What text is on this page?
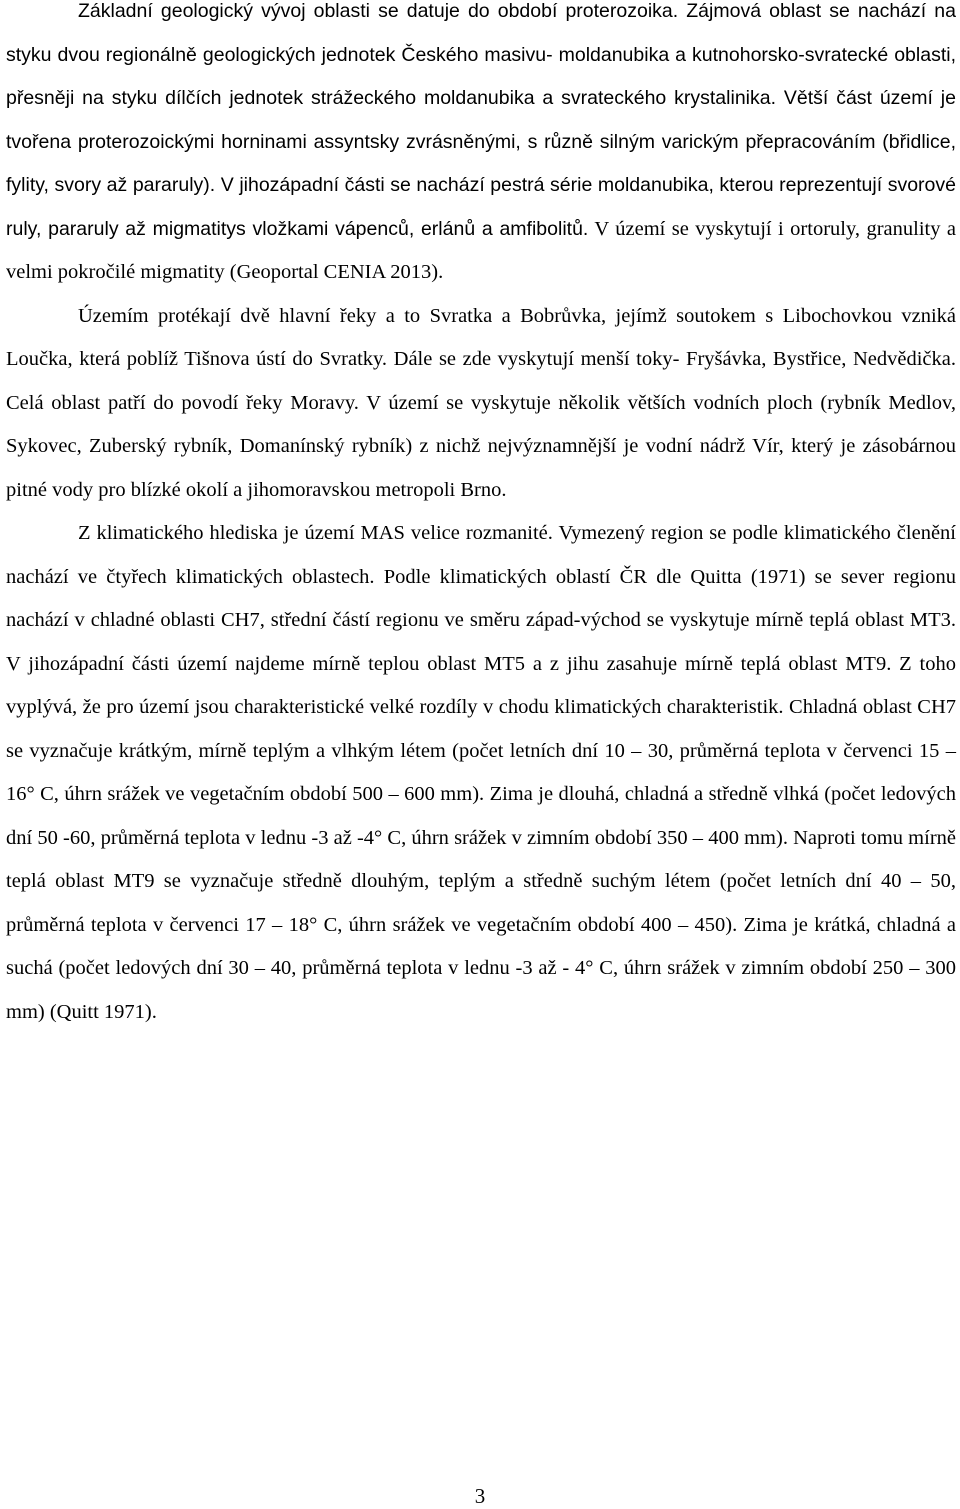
Základní geologický vývoj oblasti se datuje do období proterozoika. Zájmová oblast se nachází na styku dvou regionálně geologických jednotek Českého masivu- moldanubika a kutnohorsko-svratecké oblasti, přesněji na styku dílčích jednotek strážeckého moldanubika a svrateckého krystalinika. Větší část území je tvořena proterozoickými horninami assyntsky zvrásněnými, s různě silným varickým přepracováním (břidlice, fylity, svory až pararuly). V jihozápadní části se nachází pestrá série moldanubika, kterou reprezentují svorové ruly, pararuly až migmatitys vložkami vápenců, erlánů a amfibolitů. V území se vyskytují i ortoruly, granulity a velmi pokročilé migmatity (Geoportal CENIA 2013).

Územím protékají dvě hlavní řeky a to Svratka a Bobrůvka, jejímž soutokem s Libochovkou vzniká Loučka, která poblíž Tišnova ústí do Svratky. Dále se zde vyskytují menší toky- Fryšávka, Bystřice, Nedvědička. Celá oblast patří do povodí řeky Moravy. V území se vyskytuje několik větších vodních ploch (rybník Medlov, Sykovec, Zuberský rybník, Domanínský rybník) z nichž nejvýznamnější je vodní nádrž Vír, který je zásobárnou pitné vody pro blízké okolí a jihomoravskou metropoli Brno.

Z klimatického hlediska je území MAS velice rozmanité. Vymezený region se podle klimatického členění nachází ve čtyřech klimatických oblastech. Podle klimatických oblastí ČR dle Quitta (1971) se sever regionu nachází v chladné oblasti CH7, střední částí regionu ve směru západ-východ se vyskytuje mírně teplá oblast MT3. V jihozápadní části území najdeme mírně teplou oblast MT5 a z jihu zasahuje mírně teplá oblast MT9. Z toho vyplývá, že pro území jsou charakteristické velké rozdíly v chodu klimatických charakteristik. Chladná oblast CH7 se vyznačuje krátkým, mírně teplým a vlhkým létem (počet letních dní 10 – 30, průměrná teplota v červenci 15 – 16° C, úhrn srážek ve vegetačním období 500 – 600 mm). Zima je dlouhá, chladná a středně vlhká (počet ledových dní 50 -60, průměrná teplota v lednu -3 až -4° C, úhrn srážek v zimním období 350 – 400 mm). Naproti tomu mírně teplá oblast MT9 se vyznačuje středně dlouhým, teplým a středně suchým létem (počet letních dní 40 – 50, průměrná teplota v červenci 17 – 18° C, úhrn srážek ve vegetačním období 400 – 450). Zima je krátká, chladná a suchá (počet ledových dní 30 – 40, průměrná teplota v lednu -3 až - 4° C, úhrn srážek v zimním období 250 – 300 mm) (Quitt 1971).

3
